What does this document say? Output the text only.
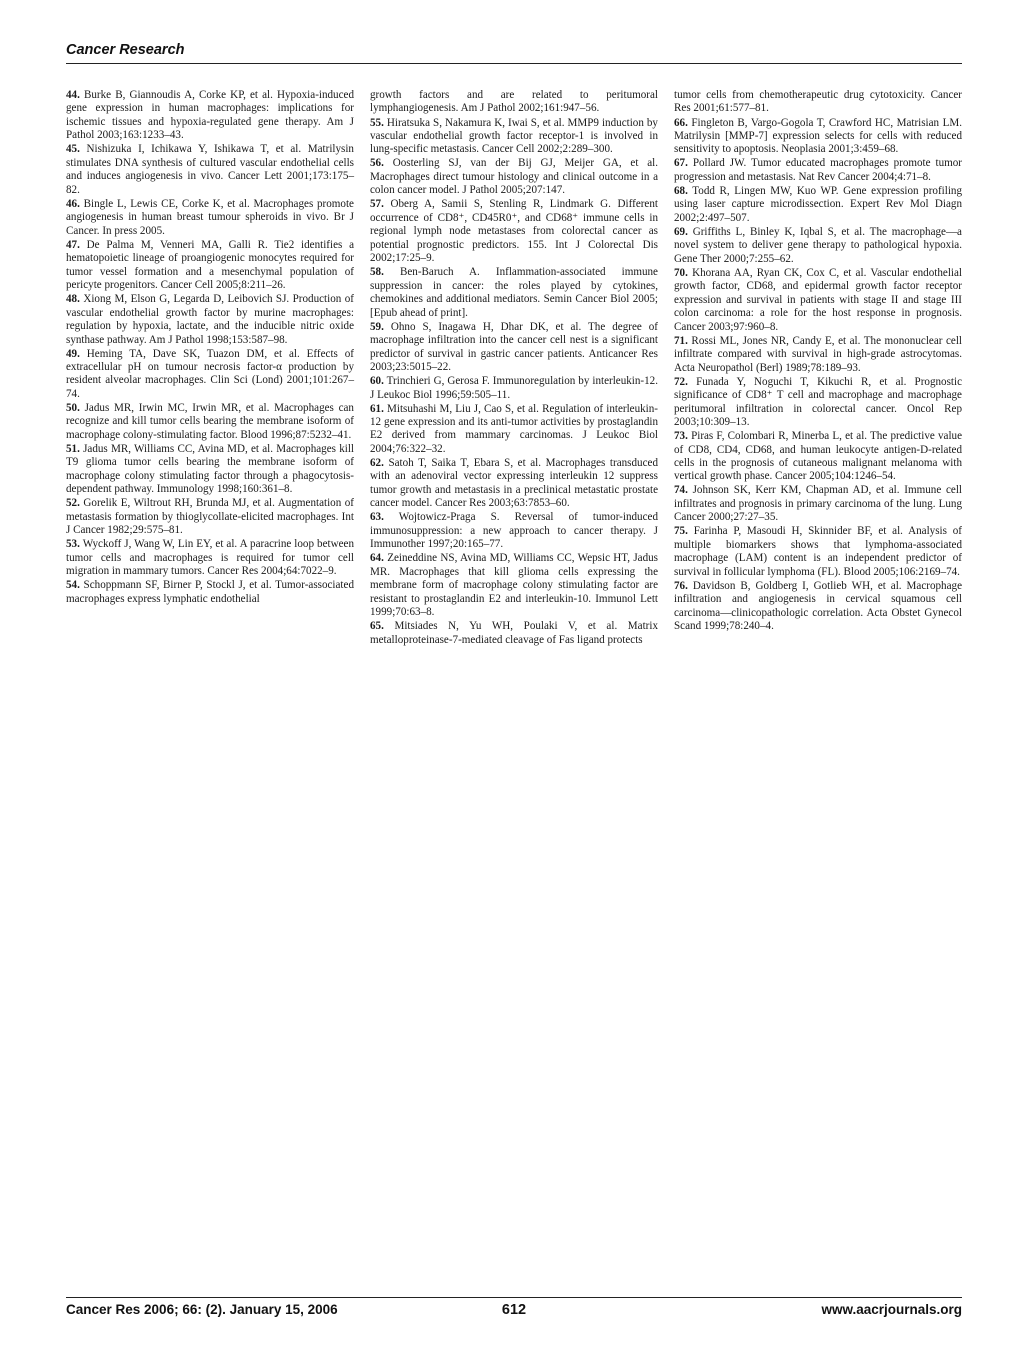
Cancer Research

44. Burke B, Giannoudis A, Corke KP, et al. Hypoxia-induced gene expression in human macrophages: implications for ischemic tissues and hypoxia-regulated gene therapy. Am J Pathol 2003;163:1233–43.

45. Nishizuka I, Ichikawa Y, Ishikawa T, et al. Matrilysin stimulates DNA synthesis of cultured vascular endothelial cells and induces angiogenesis in vivo. Cancer Lett 2001;173:175–82.

46. Bingle L, Lewis CE, Corke K, et al. Macrophages promote angiogenesis in human breast tumour spheroids in vivo. Br J Cancer. In press 2005.

47. De Palma M, Venneri MA, Galli R. Tie2 identifies a hematopoietic lineage of proangiogenic monocytes required for tumor vessel formation and a mesenchymal population of pericyte progenitors. Cancer Cell 2005;8:211–26.

48. Xiong M, Elson G, Legarda D, Leibovich SJ. Production of vascular endothelial growth factor by murine macrophages: regulation by hypoxia, lactate, and the inducible nitric oxide synthase pathway. Am J Pathol 1998;153:587–98.

49. Heming TA, Dave SK, Tuazon DM, et al. Effects of extracellular pH on tumour necrosis factor-α production by resident alveolar macrophages. Clin Sci (Lond) 2001;101:267–74.

50. Jadus MR, Irwin MC, Irwin MR, et al. Macrophages can recognize and kill tumor cells bearing the membrane isoform of macrophage colony-stimulating factor. Blood 1996;87:5232–41.

51. Jadus MR, Williams CC, Avina MD, et al. Macrophages kill T9 glioma tumor cells bearing the membrane isoform of macrophage colony stimulating factor through a phagocytosis-dependent pathway. Immunology 1998;160:361–8.

52. Gorelik E, Wiltrout RH, Brunda MJ, et al. Augmentation of metastasis formation by thioglycollate-elicited macrophages. Int J Cancer 1982;29:575–81.

53. Wyckoff J, Wang W, Lin EY, et al. A paracrine loop between tumor cells and macrophages is required for tumor cell migration in mammary tumors. Cancer Res 2004;64:7022–9.

54. Schoppmann SF, Birner P, Stockl J, et al. Tumor-associated macrophages express lymphatic endothelial

growth factors and are related to peritumoral lymphangiogenesis. Am J Pathol 2002;161:947–56.

55. Hiratsuka S, Nakamura K, Iwai S, et al. MMP9 induction by vascular endothelial growth factor receptor-1 is involved in lung-specific metastasis. Cancer Cell 2002;2:289–300.

56. Oosterling SJ, van der Bij GJ, Meijer GA, et al. Macrophages direct tumour histology and clinical outcome in a colon cancer model. J Pathol 2005;207:147.

57. Oberg A, Samii S, Stenling R, Lindmark G. Different occurrence of CD8⁺, CD45R0⁺, and CD68⁺ immune cells in regional lymph node metastases from colorectal cancer as potential prognostic predictors. 155. Int J Colorectal Dis 2002;17:25–9.

58. Ben-Baruch A. Inflammation-associated immune suppression in cancer: the roles played by cytokines, chemokines and additional mediators. Semin Cancer Biol 2005; [Epub ahead of print].

59. Ohno S, Inagawa H, Dhar DK, et al. The degree of macrophage infiltration into the cancer cell nest is a significant predictor of survival in gastric cancer patients. Anticancer Res 2003;23:5015–22.

60. Trinchieri G, Gerosa F. Immunoregulation by interleukin-12. J Leukoc Biol 1996;59:505–11.

61. Mitsuhashi M, Liu J, Cao S, et al. Regulation of interleukin-12 gene expression and its anti-tumor activities by prostaglandin E2 derived from mammary carcinomas. J Leukoc Biol 2004;76:322–32.

62. Satoh T, Saika T, Ebara S, et al. Macrophages transduced with an adenoviral vector expressing interleukin 12 suppress tumor growth and metastasis in a preclinical metastatic prostate cancer model. Cancer Res 2003;63:7853–60.

63. Wojtowicz-Praga S. Reversal of tumor-induced immunosuppression: a new approach to cancer therapy. J Immunother 1997;20:165–77.

64. Zeineddine NS, Avina MD, Williams CC, Wepsic HT, Jadus MR. Macrophages that kill glioma cells expressing the membrane form of macrophage colony stimulating factor are resistant to prostaglandin E2 and interleukin-10. Immunol Lett 1999;70:63–8.

65. Mitsiades N, Yu WH, Poulaki V, et al. Matrix metalloproteinase-7-mediated cleavage of Fas ligand protects

tumor cells from chemotherapeutic drug cytotoxicity. Cancer Res 2001;61:577–81.

66. Fingleton B, Vargo-Gogola T, Crawford HC, Matrisian LM. Matrilysin [MMP-7] expression selects for cells with reduced sensitivity to apoptosis. Neoplasia 2001;3:459–68.

67. Pollard JW. Tumor educated macrophages promote tumor progression and metastasis. Nat Rev Cancer 2004;4:71–8.

68. Todd R, Lingen MW, Kuo WP. Gene expression profiling using laser capture microdissection. Expert Rev Mol Diagn 2002;2:497–507.

69. Griffiths L, Binley K, Iqbal S, et al. The macrophage—a novel system to deliver gene therapy to pathological hypoxia. Gene Ther 2000;7:255–62.

70. Khorana AA, Ryan CK, Cox C, et al. Vascular endothelial growth factor, CD68, and epidermal growth factor receptor expression and survival in patients with stage II and stage III colon carcinoma: a role for the host response in prognosis. Cancer 2003;97:960–8.

71. Rossi ML, Jones NR, Candy E, et al. The mononuclear cell infiltrate compared with survival in high-grade astrocytomas. Acta Neuropathol (Berl) 1989;78:189–93.

72. Funada Y, Noguchi T, Kikuchi R, et al. Prognostic significance of CD8⁺ T cell and macrophage and macrophage peritumoral infiltration in colorectal cancer. Oncol Rep 2003;10:309–13.

73. Piras F, Colombari R, Minerba L, et al. The predictive value of CD8, CD4, CD68, and human leukocyte antigen-D-related cells in the prognosis of cutaneous malignant melanoma with vertical growth phase. Cancer 2005;104:1246–54.

74. Johnson SK, Kerr KM, Chapman AD, et al. Immune cell infiltrates and prognosis in primary carcinoma of the lung. Lung Cancer 2000;27:27–35.

75. Farinha P, Masoudi H, Skinnider BF, et al. Analysis of multiple biomarkers shows that lymphoma-associated macrophage (LAM) content is an independent predictor of survival in follicular lymphoma (FL). Blood 2005;106:2169–74.

76. Davidson B, Goldberg I, Gotlieb WH, et al. Macrophage infiltration and angiogenesis in cervical squamous cell carcinoma—clinicopathologic correlation. Acta Obstet Gynecol Scand 1999;78:240–4.

Cancer Res 2006; 66: (2). January 15, 2006	612	www.aacrjournals.org
